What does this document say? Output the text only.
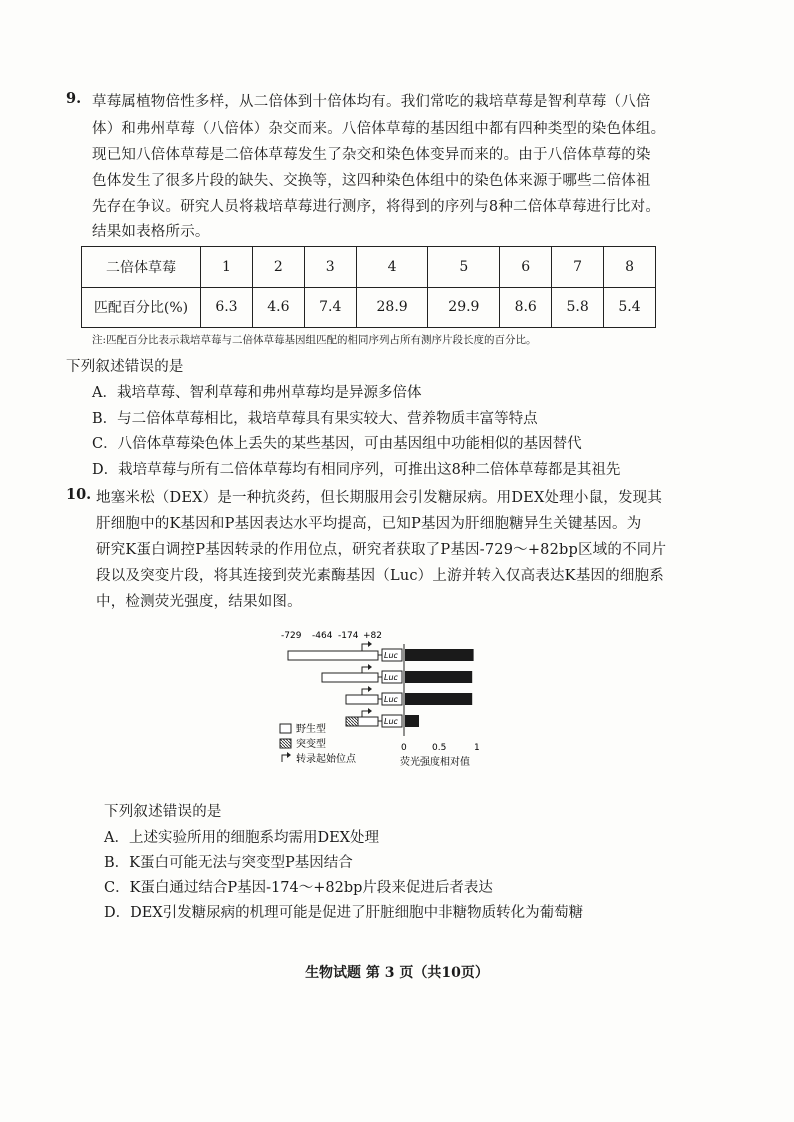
9. 草莓属植物倍性多样，从二倍体到十倍体均有。我们常吃的栽培草莓是智利草莓（八倍
体）和弗州草莓（八倍体）杂交而来。八倍体草莓的基因组中都有四种类型的染色体组。
现已知八倍体草莓是二倍体草莓发生了杂交和染色体变异而来的。由于八倍体草莓的染
色体发生了很多片段的缺失、交换等，这四种染色体组中的染色体来源于哪些二倍体祖
先存在争议。研究人员将栽培草莓进行测序，将得到的序列与8种二倍体草莓进行比对。
结果如表格所示。
二倍体草莓	1	2	3	4	5	6	7	8
匹配百分比(%)	6.3	4.6	7.4	28.9	29.9	8.6	5.8	5.4
注:匹配百分比表示栽培草莓与二倍体草莓基因组匹配的相同序列占所有测序片段长度的百分比。
下列叙述错误的是
A．栽培草莓、智利草莓和弗州草莓均是异源多倍体
B．与二倍体草莓相比，栽培草莓具有果实较大、营养物质丰富等特点
C．八倍体草莓染色体上丢失的某些基因，可由基因组中功能相似的基因替代
D．栽培草莓与所有二倍体草莓均有相同序列，可推出这8种二倍体草莓都是其祖先
10. 地塞米松（DEX）是一种抗炎药，但长期服用会引发糖尿病。用DEX处理小鼠，发现其
肝细胞中的K基因和P基因表达水平均提高，已知P基因为肝细胞糖异生关键基因。为
研究K蛋白调控P基因转录的作用位点，研究者获取了P基因-729～+82bp区域的不同片
段以及突变片段，将其连接到荧光素酶基因（Luc）上游并转入仅高表达K基因的细胞系
中，检测荧光强度，结果如图。
-729 -464 -174 +82
Luc
Luc
Luc
Luc
0	0.5	1
荧光强度相对值
野生型
突变型
转录起始位点
下列叙述错误的是
A．上述实验所用的细胞系均需用DEX处理
B．K蛋白可能无法与突变型P基因结合
C．K蛋白通过结合P基因-174～+82bp片段来促进后者表达
D．DEX引发糖尿病的机理可能是促进了肝脏细胞中非糖物质转化为葡萄糖
生物试题 第 3 页（共10页）
